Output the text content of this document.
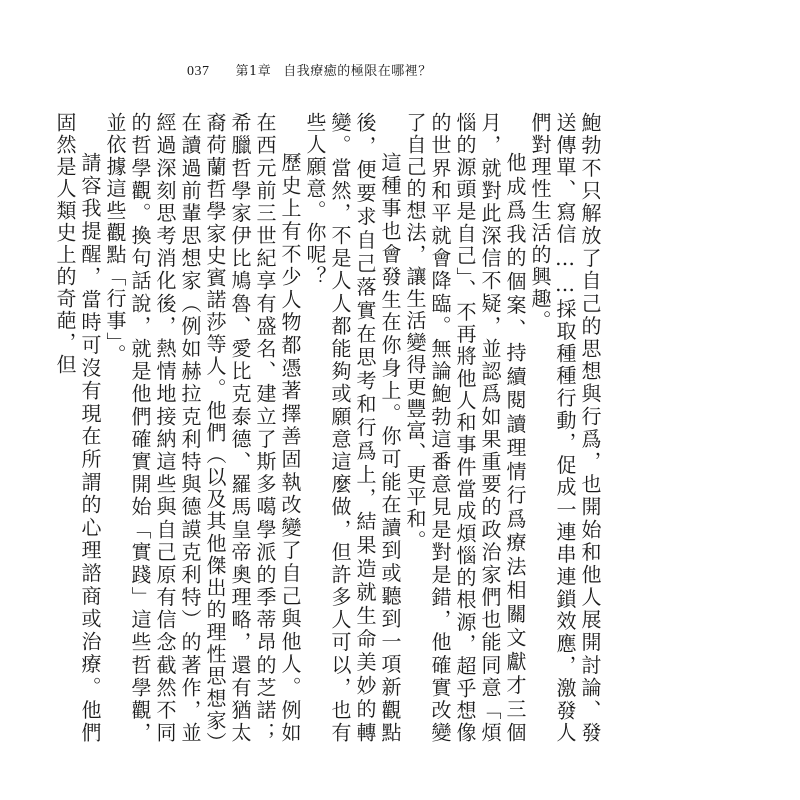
037 第1章 自我療癒的極限在哪裡？

鮑勃不只解放了自己的思想與行爲，也開始和他人展開討論、發送傳單、寫信……採取種種行動，促成一連串連鎖效應，激發人們對理性生活的興趣。

他成爲我的個案、持續閱讀理情行爲療法相關文獻才三個月，就對此深信不疑，並認爲如果重要的政治家們也能同意「煩惱的源頭是自己」、不再將他人和事件當成煩惱的根源，超乎想像的世界和平就會降臨。無論鮑勃這番意見是對是錯，他確實改變了自己的想法，讓生活變得更豐富、更平和。

這種事也會發生在你身上。你可能在讀到或聽到一項新觀點後，便要求自己落實在思考和行爲上，結果造就生命美妙的轉變。當然，不是人人都能夠或願意這麼做，但許多人可以，也有些人願意。你呢？

歷史上有不少人物都憑著擇善固執改變了自己與他人。例如在西元前三世紀享有盛名、建立了斯多噶學派的季蒂昂的芝諾；希臘哲學家伊比鳩魯、愛比克泰德、羅馬皇帝奧理略，還有猶太裔荷蘭哲學家史賓諾莎等人。他們（以及其他傑出的理性思想家）在讀過前輩思想家（例如赫拉克利特與德謨克利特）的著作，並經過深刻思考消化後，熱情地接納這些與自己原有信念截然不同的哲學觀。換句話說，就是他們確實開始「實踐」這些哲學觀，並依據這些觀點「行事」。

請容我提醒，當時可沒有現在所謂的心理諮商或治療。他們固然是人類史上的奇葩，但
